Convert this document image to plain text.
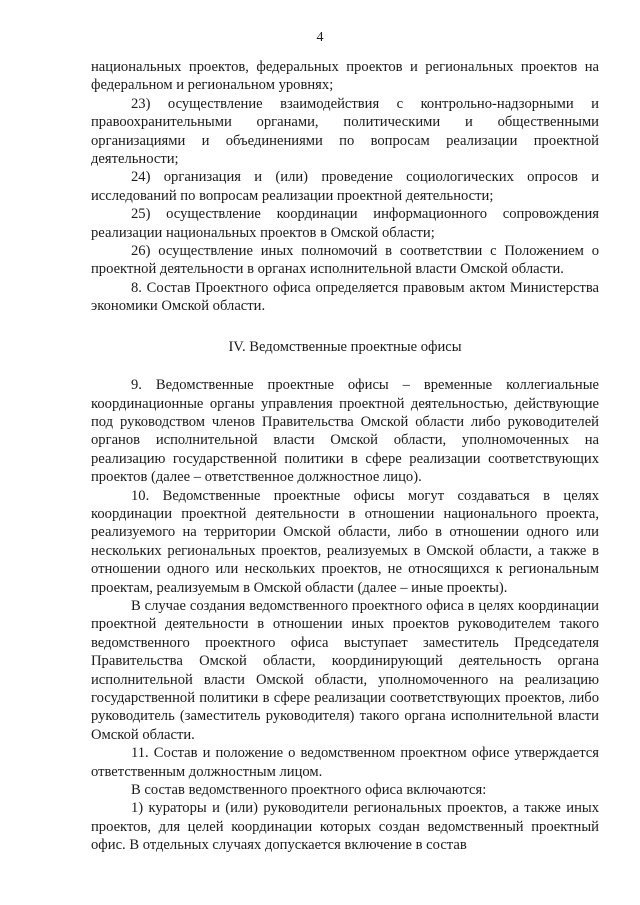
4

национальных проектов, федеральных проектов и региональных проектов на федеральном и региональном уровнях;

23) осуществление взаимодействия с контрольно-надзорными и правоохранительными органами, политическими и общественными организациями и объединениями по вопросам реализации проектной деятельности;

24) организация и (или) проведение социологических опросов и исследований по вопросам реализации проектной деятельности;

25) осуществление координации информационного сопровождения реализации национальных проектов в Омской области;

26) осуществление иных полномочий в соответствии с Положением о проектной деятельности в органах исполнительной власти Омской области.

8. Состав Проектного офиса определяется правовым актом Министерства экономики Омской области.

IV. Ведомственные проектные офисы

9. Ведомственные проектные офисы – временные коллегиальные координационные органы управления проектной деятельностью, действующие под руководством членов Правительства Омской области либо руководителей органов исполнительной власти Омской области, уполномоченных на реализацию государственной политики в сфере реализации соответствующих проектов (далее – ответственное должностное лицо).

10. Ведомственные проектные офисы могут создаваться в целях координации проектной деятельности в отношении национального проекта, реализуемого на территории Омской области, либо в отношении одного или нескольких региональных проектов, реализуемых в Омской области, а также в отношении одного или нескольких проектов, не относящихся к региональным проектам, реализуемым в Омской области (далее – иные проекты).

В случае создания ведомственного проектного офиса в целях координации проектной деятельности в отношении иных проектов руководителем такого ведомственного проектного офиса выступает заместитель Председателя Правительства Омской области, координирующий деятельность органа исполнительной власти Омской области, уполномоченного на реализацию государственной политики в сфере реализации соответствующих проектов, либо руководитель (заместитель руководителя) такого органа исполнительной власти Омской области.

11. Состав и положение о ведомственном проектном офисе утверждается ответственным должностным лицом.

В состав ведомственного проектного офиса включаются:

1) кураторы и (или) руководители региональных проектов, а также иных проектов, для целей координации которых создан ведомственный проектный офис. В отдельных случаях допускается включение в состав
